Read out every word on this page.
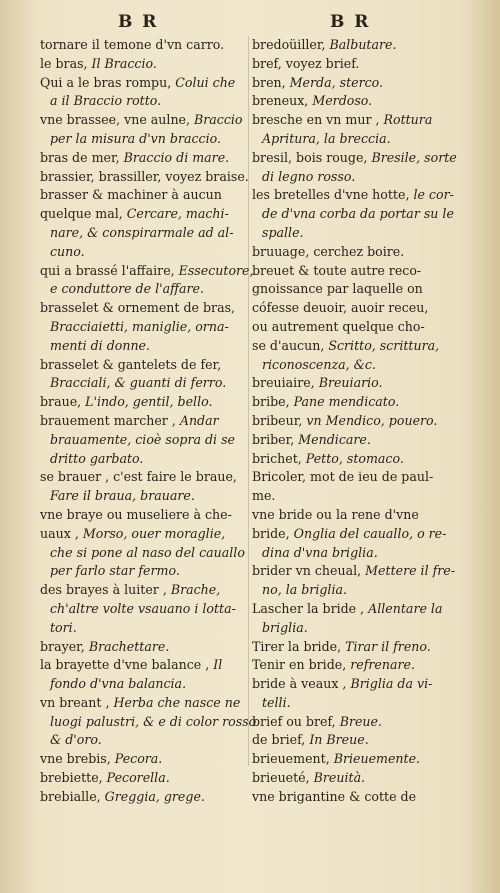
B R	B R
tornare il temone d'vn carro.
le bras, Il Braccio.
Qui a le bras rompu, Colui che
a il Braccio rotto.
vne brassee, vne aulne, Braccio
per la misura d'vn braccio.
bras de mer, Braccio di mare.
brassier, brassiller, voyez braise.
brasser & machiner à aucun
quelque mal, Cercare, machi-
nare, & conspirarmale ad al-
cuno.
qui a brassé l'affaire, Essecutore,
e conduttore de l'affare.
brasselet & ornement de bras,
Bracciaietti, maniglie, orna-
menti di donne.
brasselet & gantelets de fer,
Bracciali, & guanti di ferro.
braue, L'indo, gentil, bello.
brauement marcher , Andar
brauamente, cioè sopra di se
dritto garbato.
se brauer , c'est faire le braue,
Fare il braua, brauare.
vne braye ou museliere à che-
uaux , Morso, ouer moraglie,
che si pone al naso del cauallo
per farlo star fermo.
des brayes à luiter , Brache,
ch'altre volte vsauano i lotta-
tori.
brayer, Brachettare.
la brayette d'vne balance , Il
fondo d'vna balancia.
vn breant , Herba che nasce ne
luogi palustri, & e di color rosso
& d'oro.
vne brebis, Pecora.
brebiette, Pecorella.
brebialle, Greggia, grege.
bredoüiller, Balbutare.
bref, voyez brief.
bren, Merda, sterco.
breneux, Merdoso.
bresche en vn mur , Rottura
Apritura, la breccia.
bresil, bois rouge, Bresile, sorte
di legno rosso.
les bretelles d'vne hotte, le cor-
de d'vna corba da portar su le
spalle.
bruuage, cerchez boire.
breuet & toute autre reco-
gnoissance par laquelle on
cófesse deuoir, auoir receu,
ou autrement quelque cho-
se d'aucun, Scritto, scrittura,
riconoscenza, &c.
breuiaire, Breuiario.
bribe, Pane mendicato.
bribeur, vn Mendico, pouero.
briber, Mendicare.
brichet, Petto, stomaco.
Bricoler, mot de ieu de paul-
me.
vne bride ou la rene d'vne
bride, Onglia del cauallo, o re-
dina d'vna briglia.
brider vn cheual, Mettere il fre-
no, la briglia.
Lascher la bride , Allentare la
briglia.
Tirer la bride, Tirar il freno.
Tenir en bride, refrenare.
bride à veaux , Briglia da vi-
telli.
brief ou bref, Breue.
de brief, In Breue.
brieuement, Brieuemente.
brieueté, Breuità.
vne brigantine & cotte de
